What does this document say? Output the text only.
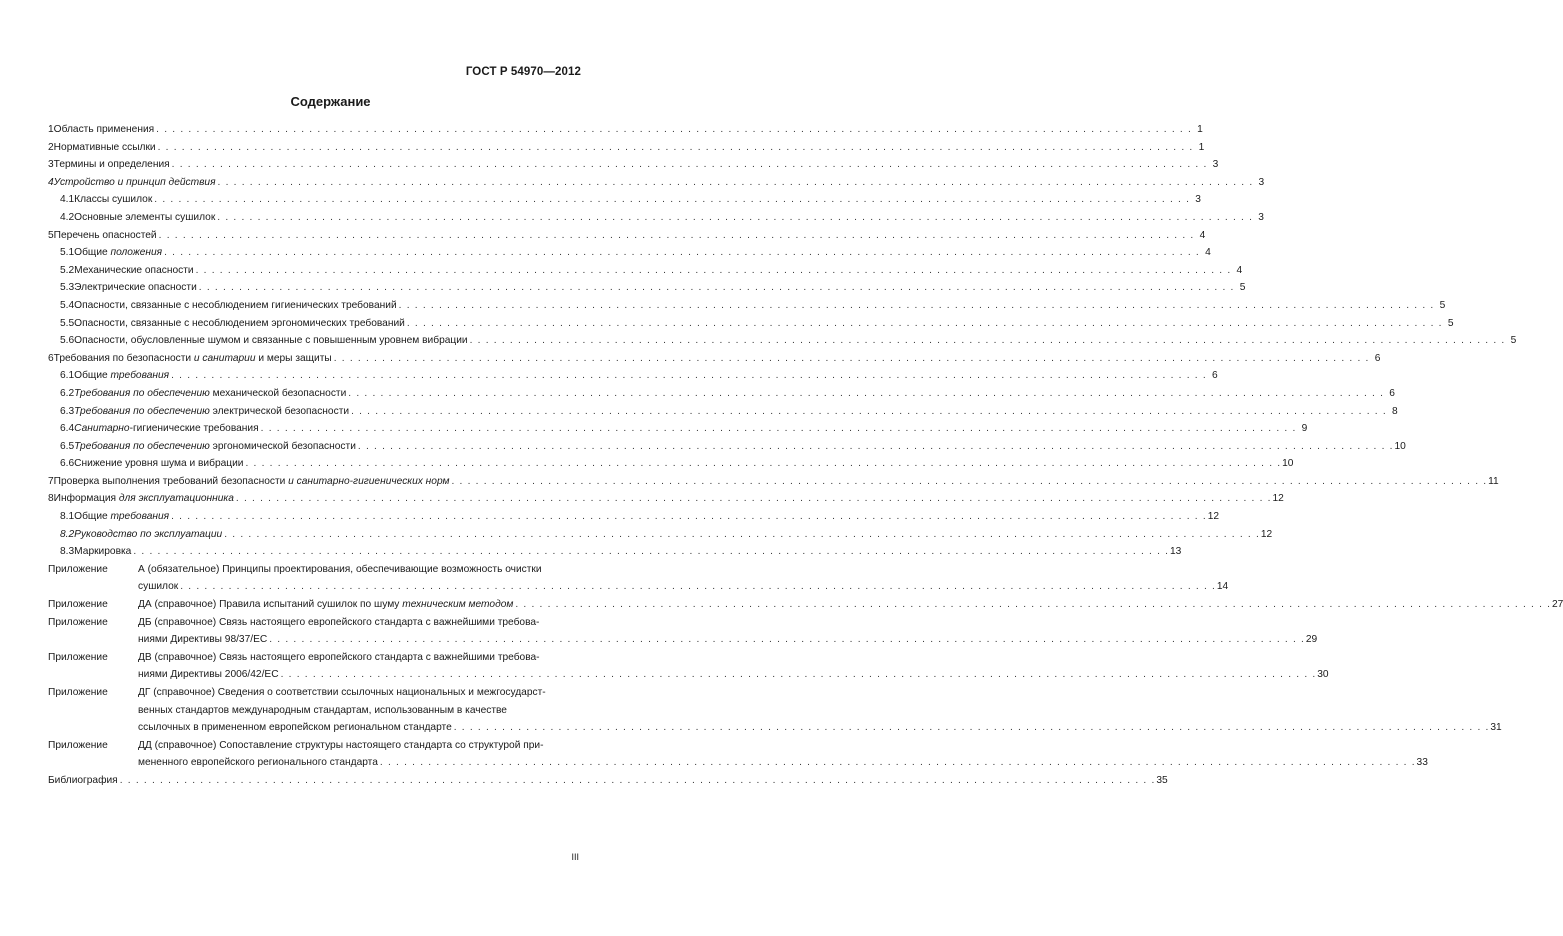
ГОСТ Р 54970—2012
Содержание
1 Область применения . . .	1
2 Нормативные ссылки . . .	1
3 Термины и определения . . .	3
4 Устройство и принцип действия . . .	3
4.1 Классы сушилок . . .	3
4.2 Основные элементы сушилок . . .	3
5 Перечень опасностей . . .	4
5.1 Общие положения . . .	4
5.2 Механические опасности . . .	4
5.3 Электрические опасности . . .	5
5.4 Опасности, связанные с несоблюдением гигиенических требований . . .	5
5.5 Опасности, связанные с несоблюдением эргономических требований . . .	5
5.6 Опасности, обусловленные шумом и связанные с повышенным уровнем вибрации . . .	5
6 Требования по безопасности и санитарии и меры защиты . . .	6
6.1 Общие требования . . .	6
6.2 Требования по обеспечению механической безопасности . . .	6
6.3 Требования по обеспечению электрической безопасности . . .	8
6.4 Санитарно-гигиенические требования . . .	9
6.5 Требования по обеспечению эргономической безопасности . . .	10
6.6 Снижение уровня шума и вибрации . . .	10
7 Проверка выполнения требований безопасности и санитарно-гигиенических норм . . .	11
8 Информация для эксплуатационника . . .	12
8.1 Общие требования . . .	12
8.2 Руководство по эксплуатации . . .	12
8.3 Маркировка . . .	13
Приложение	А (обязательное) Принципы проектирования, обеспечивающие возможность очистки
сушилок . . .	14
Приложение	ДА (справочное) Правила испытаний сушилок по шуму техническим методом . . .	27
Приложение	ДБ (справочное) Связь настоящего европейского стандарта с важнейшими требова-
ниями Директивы 98/37/ЕС . . .	29
Приложение	ДВ (справочное) Связь настоящего европейского стандарта с важнейшими требова-
ниями Директивы 2006/42/ЕС . . .	30
Приложение	ДГ (справочное) Сведения о соответствии ссылочных национальных и межгосударст-
венных стандартов международным стандартам, использованным в качестве
ссылочных в примененном европейском региональном стандарте . . .	31
Приложение	ДД (справочное) Сопоставление структуры настоящего стандарта со структурой при-
мененного европейского регионального стандарта . . .	33
Библиография . . .	35
III
